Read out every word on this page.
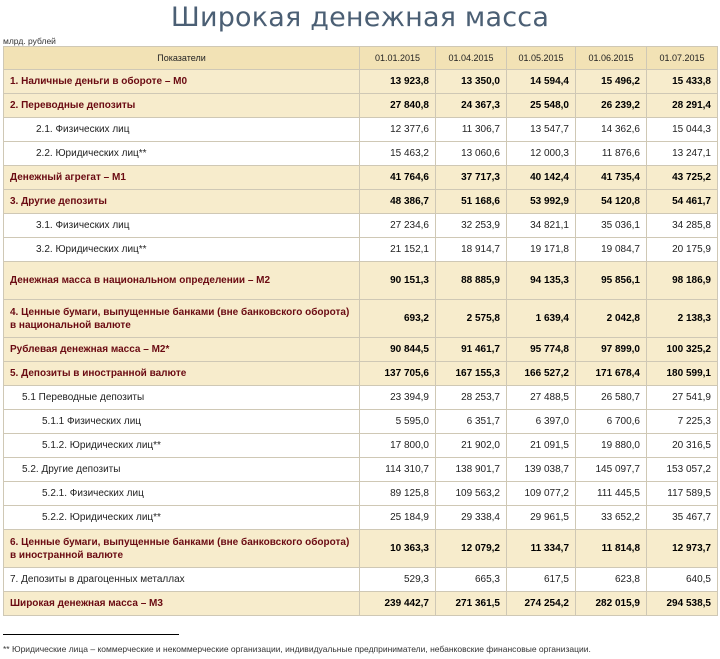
Широкая денежная масса
млрд. рублей
Показатели	01.01.2015	01.04.2015	01.05.2015	01.06.2015	01.07.2015
1. Наличные деньги в обороте – М0	13 923,8	13 350,0	14 594,4	15 496,2	15 433,8
2. Переводные депозиты	27 840,8	24 367,3	25 548,0	26 239,2	28 291,4
2.1. Физических лиц	12 377,6	11 306,7	13 547,7	14 362,6	15 044,3
2.2. Юридических лиц**	15 463,2	13 060,6	12 000,3	11 876,6	13 247,1
Денежный агрегат – М1	41 764,6	37 717,3	40 142,4	41 735,4	43 725,2
3. Другие депозиты	48 386,7	51 168,6	53 992,9	54 120,8	54 461,7
3.1. Физических лиц	27 234,6	32 253,9	34 821,1	35 036,1	34 285,8
3.2. Юридических лиц**	21 152,1	18 914,7	19 171,8	19 084,7	20 175,9
Денежная масса в национальном определении – М2	90 151,3	88 885,9	94 135,3	95 856,1	98 186,9
4. Ценные бумаги, выпущенные банками (вне банковского оборота) в национальной валюте	693,2	2 575,8	1 639,4	2 042,8	2 138,3
Рублевая денежная масса – М2*	90 844,5	91 461,7	95 774,8	97 899,0	100 325,2
5. Депозиты в иностранной валюте	137 705,6	167 155,3	166 527,2	171 678,4	180 599,1
5.1 Переводные депозиты	23 394,9	28 253,7	27 488,5	26 580,7	27 541,9
5.1.1 Физических лиц	5 595,0	6 351,7	6 397,0	6 700,6	7 225,3
5.1.2. Юридических лиц**	17 800,0	21 902,0	21 091,5	19 880,0	20 316,5
5.2. Другие депозиты	114 310,7	138 901,7	139 038,7	145 097,7	153 057,2
5.2.1. Физических лиц	89 125,8	109 563,2	109 077,2	111 445,5	117 589,5
5.2.2. Юридических лиц**	25 184,9	29 338,4	29 961,5	33 652,2	35 467,7
6. Ценные бумаги, выпущенные банками (вне банковского оборота) в иностранной валюте	10 363,3	12 079,2	11 334,7	11 814,8	12 973,7
7. Депозиты в драгоценных металлах	529,3	665,3	617,5	623,8	640,5
Широкая денежная масса – М3	239 442,7	271 361,5	274 254,2	282 015,9	294 538,5
** Юридические лица – коммерческие и некоммерческие организации, индивидуальные предприниматели, небанковские финансовые организации.
